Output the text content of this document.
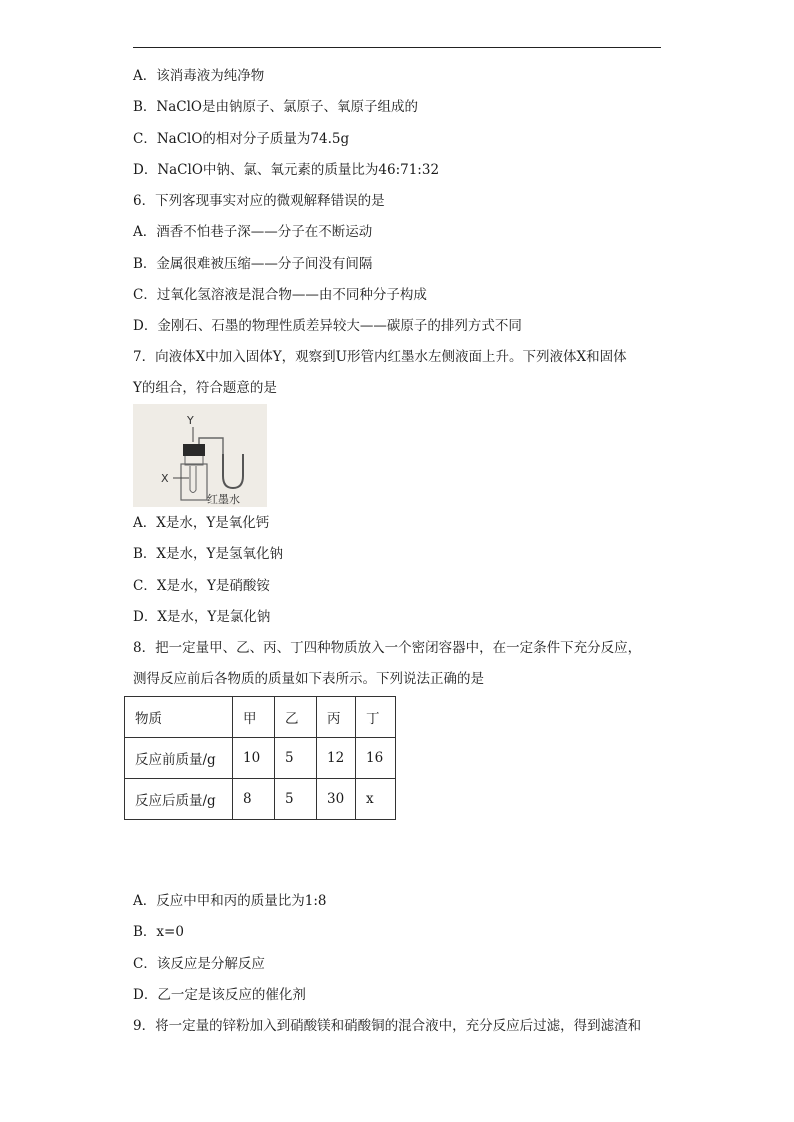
A．该消毒液为纯净物
B．NaClO是由钠原子、氯原子、氧原子组成的
C．NaClO的相对分子质量为74.5g
D．NaClO中钠、氯、氧元素的质量比为46:71:32
6．下列客现事实对应的微观解释错误的是
A．酒香不怕巷子深——分子在不断运动
B．金属很难被压缩——分子间没有间隔
C．过氧化氢溶液是混合物——由不同种分子构成
D．金刚石、石墨的物理性质差异较大——碳原子的排列方式不同
7．向液体X中加入固体Y，观察到U形管内红墨水左侧液面上升。下列液体X和固体
Y的组合，符合题意的是
Y
X
红墨水
A．X是水，Y是氧化钙
B．X是水，Y是氢氧化钠
C．X是水，Y是硝酸铵
D．X是水，Y是氯化钠
8．把一定量甲、乙、丙、丁四种物质放入一个密闭容器中，在一定条件下充分反应，
测得反应前后各物质的质量如下表所示。下列说法正确的是
物质	甲	乙	丙	丁
反应前质量/g	10	5	12	16
反应后质量/g	8	5	30	x
A．反应中甲和丙的质量比为1:8
B．x=0
C．该反应是分解反应
D．乙一定是该反应的催化剂
9．将一定量的锌粉加入到硝酸镁和硝酸铜的混合液中，充分反应后过滤，得到滤渣和
